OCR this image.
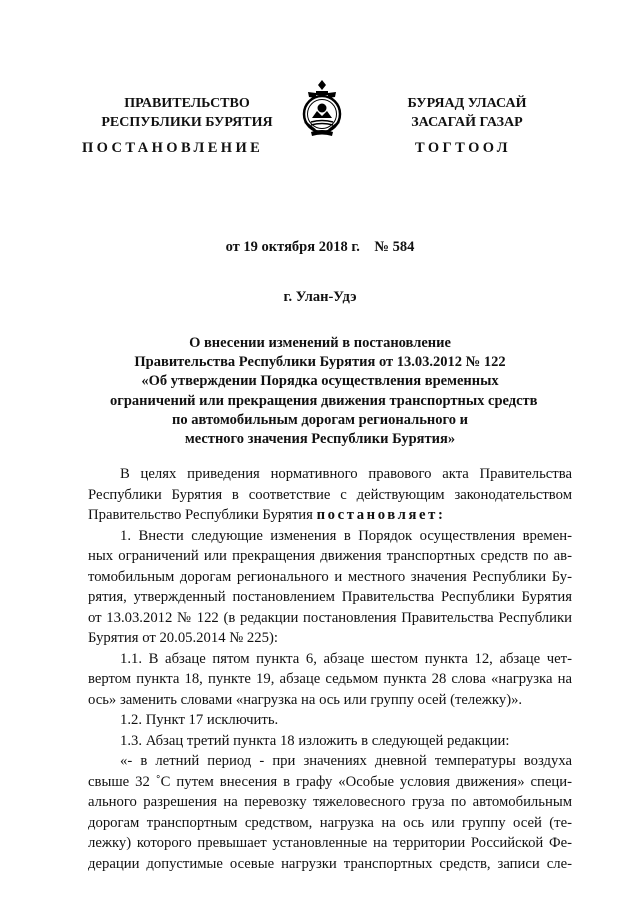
ПРАВИТЕЛЬСТВО
РЕСПУБЛИКИ БУРЯТИЯ
БУРЯАД УЛАСАЙ
ЗАСАГАЙ ГАЗАР
ПОСТАНОВЛЕНИЕ	ТОГТООЛ
от 19 октября 2018 г.    № 584
г. Улан-Удэ
О внесении изменений в постановление
Правительства Республики Бурятия от 13.03.2012 № 122
«Об утверждении Порядка осуществления временных
ограничений или прекращения движения транспортных средств
по автомобильным дорогам регионального и
местного значения Республики Бурятия»
В целях приведения нормативного правового акта Правительства
Республики Бурятия в соответствие с действующим законодательством
Правительство Республики Бурятия постановляет:
1. Внести следующие изменения в Порядок осуществления времен-
ных ограничений или прекращения движения транспортных средств по ав-
томобильным дорогам регионального и местного значения Республики Бу-
рятия, утвержденный постановлением Правительства Республики Бурятия
от 13.03.2012 № 122 (в редакции постановления Правительства Республики
Бурятия от 20.05.2014 № 225):
1.1. В абзаце пятом пункта 6, абзаце шестом пункта 12, абзаце чет-
вертом пункта 18, пункте 19, абзаце седьмом пункта 28 слова «нагрузка на
ось» заменить словами «нагрузка на ось или группу осей (тележку)».
1.2. Пункт 17 исключить.
1.3. Абзац третий пункта 18 изложить в следующей редакции:
«- в летний период - при значениях дневной температуры воздуха
свыше 32 ˚С путем внесения в графу «Особые условия движения» специ-
ального разрешения на перевозку тяжеловесного груза по автомобильным
дорогам транспортным средством, нагрузка на ось или группу осей (те-
лежку) которого превышает установленные на территории Российской Фе-
дерации допустимые осевые нагрузки транспортных средств, записи сле-
